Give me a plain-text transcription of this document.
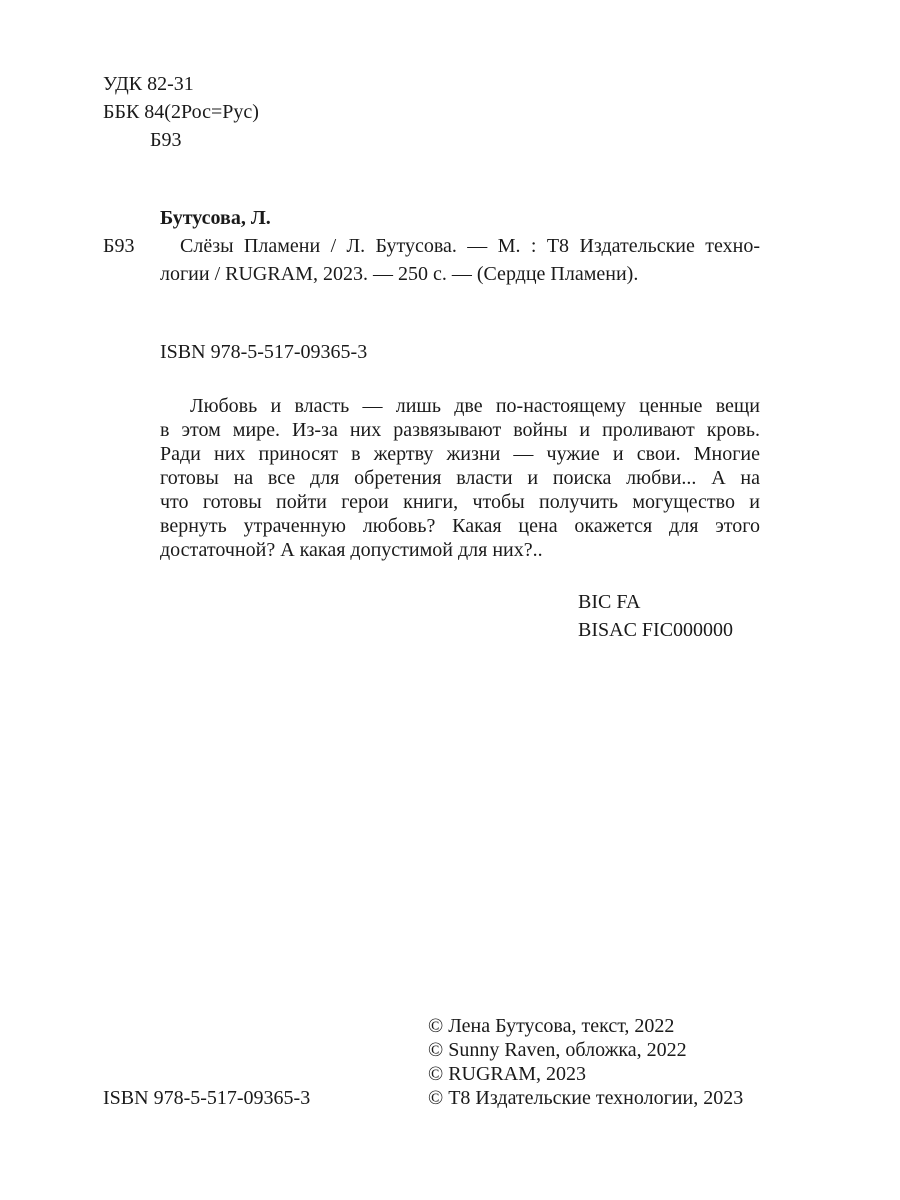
УДК 82-31
ББК 84(2Рос=Рус)
Б93
Бутусова, Л.
Б93 Слёзы Пламени / Л. Бутусова. — М. : Т8 Издательские техно-
логии / RUGRAM, 2023. — 250 с. — (Сердце Пламени).
ISBN 978-5-517-09365-3
Любовь и власть — лишь две по-настоящему ценные вещи
в этом мире. Из-за них развязывают войны и проливают кровь.
Ради них приносят в жертву жизни — чужие и свои. Многие
готовы на все для обретения власти и поиска любви... А на
что готовы пойти герои книги, чтобы получить могущество и
вернуть утраченную любовь? Какая цена окажется для этого
достаточной? А какая допустимой для них?..
BIC FA
BISAC FIC000000
© Лена Бутусова, текст, 2022
© Sunny Raven, обложка, 2022
© RUGRAM, 2023
© Т8 Издательские технологии, 2023
ISBN 978-5-517-09365-3
